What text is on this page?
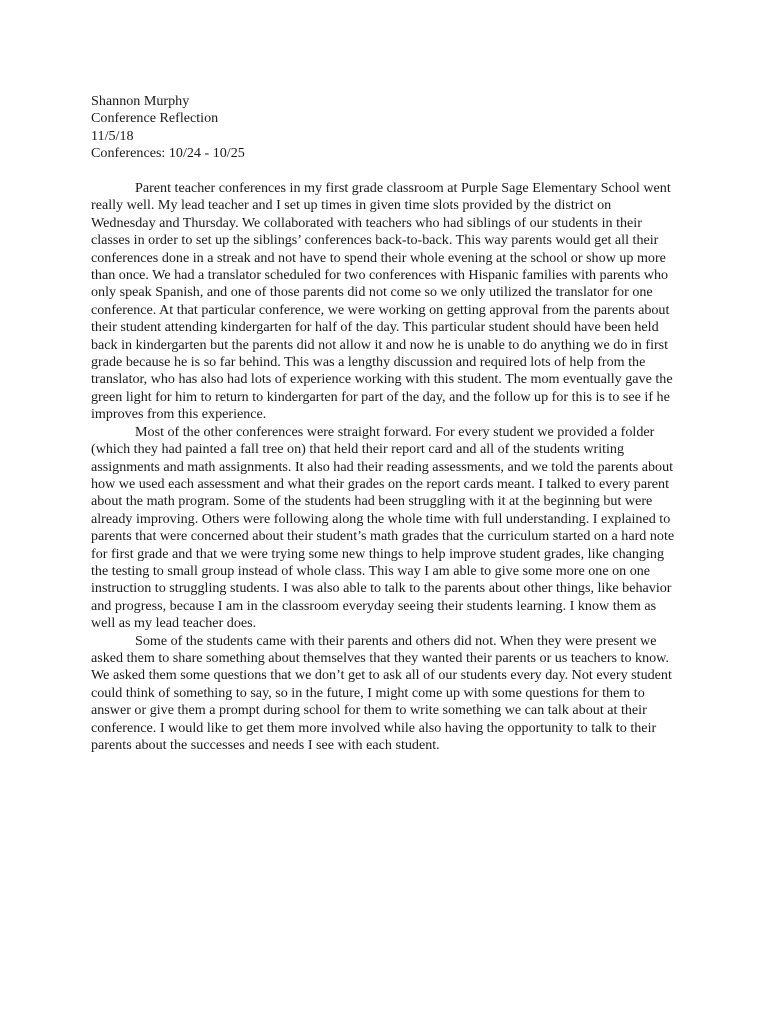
Shannon Murphy
Conference Reflection
11/5/18
Conferences: 10/24 - 10/25

Parent teacher conferences in my first grade classroom at Purple Sage Elementary School went really well. My lead teacher and I set up times in given time slots provided by the district on Wednesday and Thursday. We collaborated with teachers who had siblings of our students in their classes in order to set up the siblings’ conferences back-to-back. This way parents would get all their conferences done in a streak and not have to spend their whole evening at the school or show up more than once. We had a translator scheduled for two conferences with Hispanic families with parents who only speak Spanish, and one of those parents did not come so we only utilized the translator for one conference. At that particular conference, we were working on getting approval from the parents about their student attending kindergarten for half of the day. This particular student should have been held back in kindergarten but the parents did not allow it and now he is unable to do anything we do in first grade because he is so far behind. This was a lengthy discussion and required lots of help from the translator, who has also had lots of experience working with this student. The mom eventually gave the green light for him to return to kindergarten for part of the day, and the follow up for this is to see if he improves from this experience.

Most of the other conferences were straight forward. For every student we provided a folder (which they had painted a fall tree on) that held their report card and all of the students writing assignments and math assignments. It also had their reading assessments, and we told the parents about how we used each assessment and what their grades on the report cards meant. I talked to every parent about the math program. Some of the students had been struggling with it at the beginning but were already improving. Others were following along the whole time with full understanding. I explained to parents that were concerned about their student’s math grades that the curriculum started on a hard note for first grade and that we were trying some new things to help improve student grades, like changing the testing to small group instead of whole class. This way I am able to give some more one on one instruction to struggling students. I was also able to talk to the parents about other things, like behavior and progress, because I am in the classroom everyday seeing their students learning. I know them as well as my lead teacher does.

Some of the students came with their parents and others did not. When they were present we asked them to share something about themselves that they wanted their parents or us teachers to know. We asked them some questions that we don’t get to ask all of our students every day. Not every student could think of something to say, so in the future, I might come up with some questions for them to answer or give them a prompt during school for them to write something we can talk about at their conference. I would like to get them more involved while also having the opportunity to talk to their parents about the successes and needs I see with each student.
